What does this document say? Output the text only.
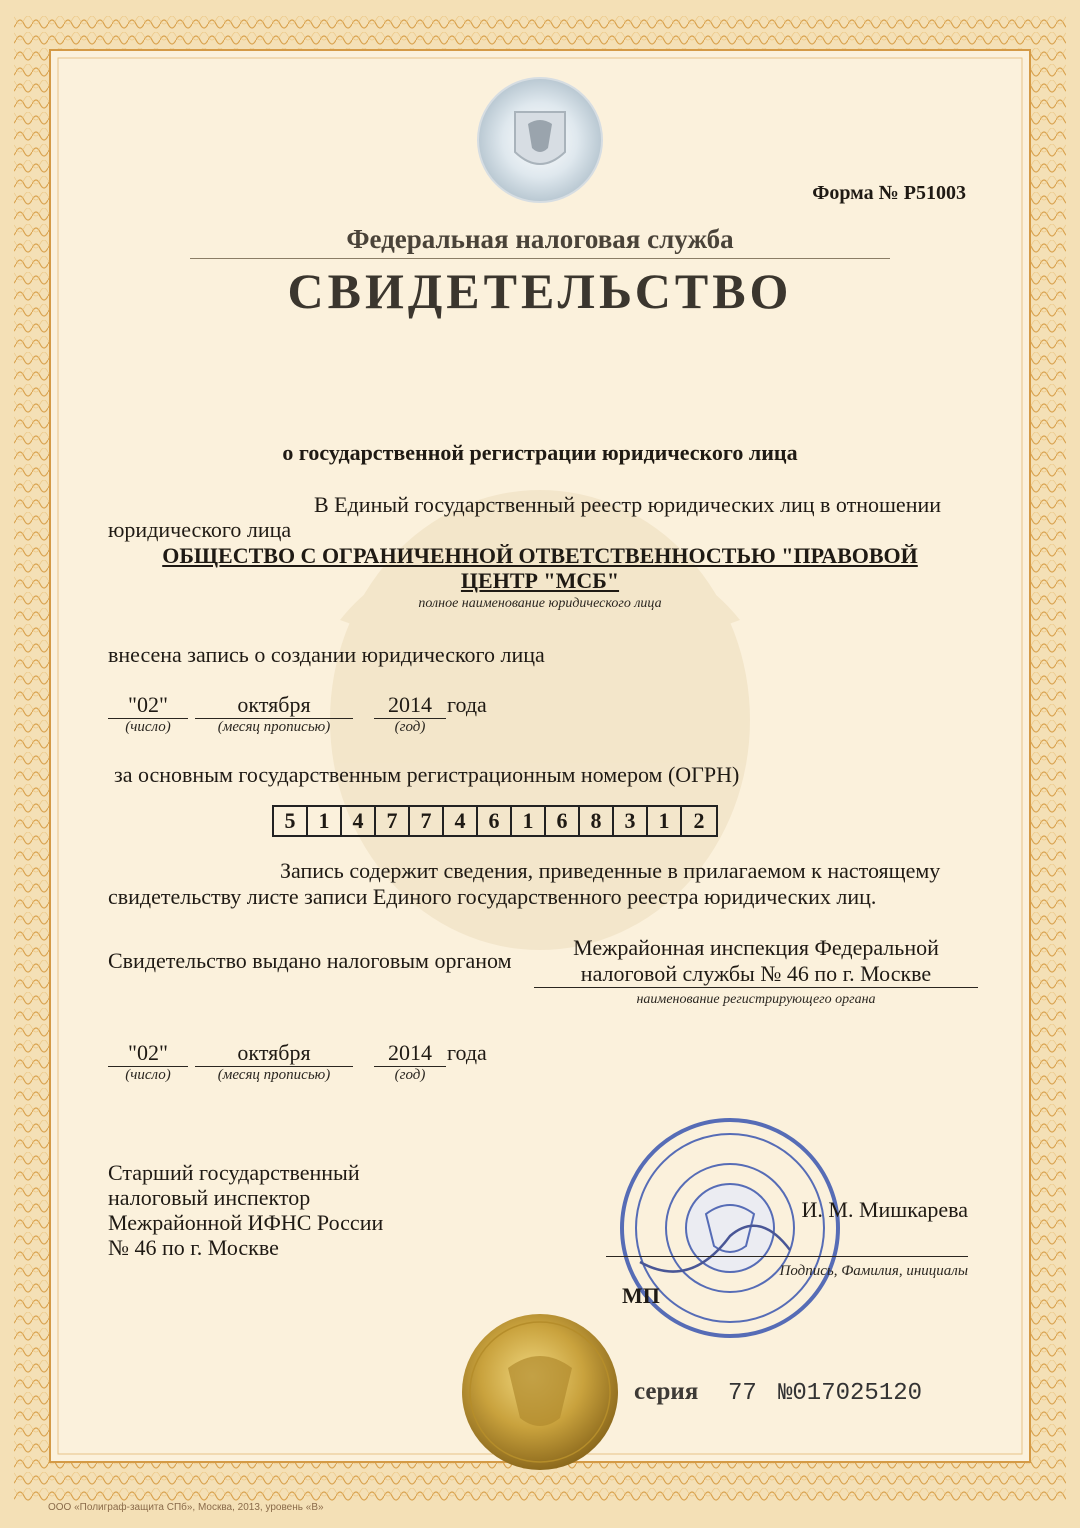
Форма № Р51003
Федеральная налоговая служба
СВИДЕТЕЛЬСТВО
о государственной регистрации юридического лица
В Единый государственный реестр юридических лиц в отношении
юридического лица
ОБЩЕСТВО С ОГРАНИЧЕННОЙ ОТВЕТСТВЕННОСТЬЮ "ПРАВОВОЙ
ЦЕНТР "МСБ"
полное наименование юридического лица
внесена запись о создании юридического лица
"02"	октября	2014 года
(число)	(месяц прописью)	(год)
за основным государственным регистрационным номером (ОГРН)
5	1	4	7	7	4	6	1	6	8	3	1	2
Запись содержит сведения, приведенные в прилагаемом к настоящему
свидетельству листе записи Единого государственного реестра юридических лиц.
Свидетельство выдано налоговым органом
Межрайонная инспекция Федеральной
налоговой службы № 46 по г. Москве
наименование регистрирующего органа
"02"	октября	2014 года
(число)	(месяц прописью)	(год)
Старший государственный
налоговый инспектор
Межрайонной ИФНС России
№ 46 по г. Москве
И. М. Мишкарева
Подпись, Фамилия, инициалы
МП
серия	77 №017025120
ООО «Полиграф-защита СПб», Москва, 2013, уровень «В»
